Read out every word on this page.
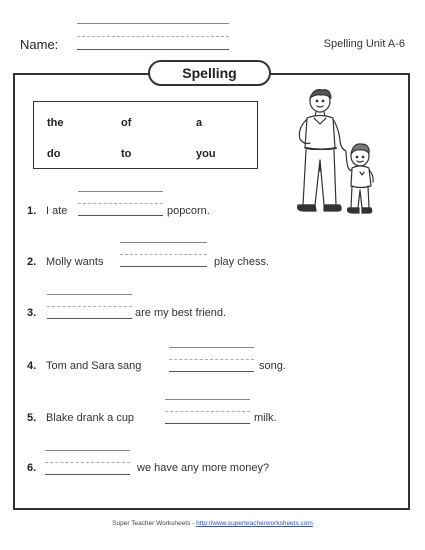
Name:	Spelling Unit A-6
Spelling
the	of	a
do	to	you
1. I ate	popcorn.
2. Molly wants	play chess.
3.	are my best friend.
4. Tom and Sara sang	song.
5. Blake drank a cup	milk.
6.	we have any more money?
Super Teacher Worksheets - http://www.superteacherworksheets.com
